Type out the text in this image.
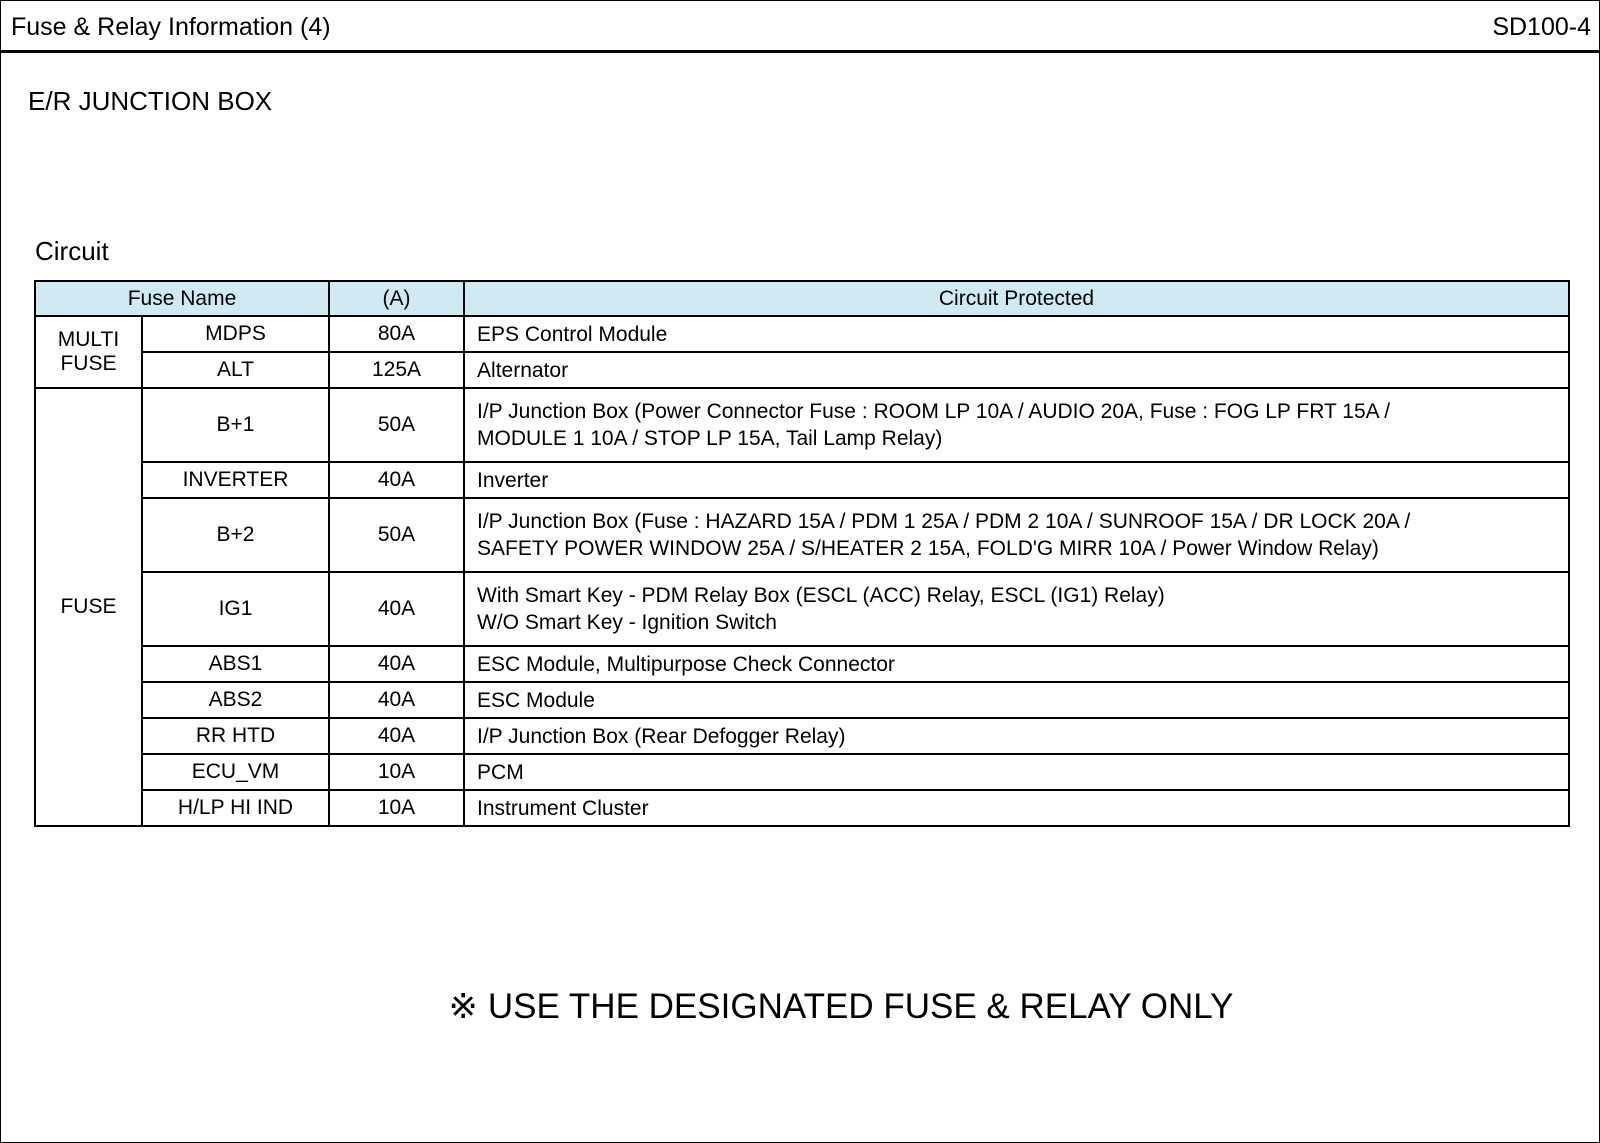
Fuse & Relay Information (4)	SD100-4
E/R JUNCTION BOX
Circuit
Fuse Name		(A)	Circuit Protected
MULTI
FUSE	MDPS	80A	EPS Control Module

	ALT	125A	Alternator

FUSE	B+1	50A	I/P Junction Box (Power Connector Fuse : ROOM LP 10A / AUDIO 20A, Fuse : FOG LP FRT 15A /
MODULE 1 10A / STOP LP 15A, Tail Lamp Relay)

	INVERTER	40A	Inverter

	B+2	50A	I/P Junction Box (Fuse : HAZARD 15A / PDM 1 25A / PDM 2 10A / SUNROOF 15A / DR LOCK 20A /
SAFETY POWER WINDOW 25A / S/HEATER 2 15A, FOLD'G MIRR 10A / Power Window Relay)

	IG1	40A	With Smart Key - PDM Relay Box (ESCL (ACC) Relay, ESCL (IG1) Relay)
W/O Smart Key - Ignition Switch

	ABS1	40A	ESC Module, Multipurpose Check Connector

	ABS2	40A	ESC Module

	RR HTD	40A	I/P Junction Box (Rear Defogger Relay)

	ECU_VM	10A	PCM

	H/LP HI IND	10A	Instrument Cluster
※ USE THE DESIGNATED FUSE & RELAY ONLY
